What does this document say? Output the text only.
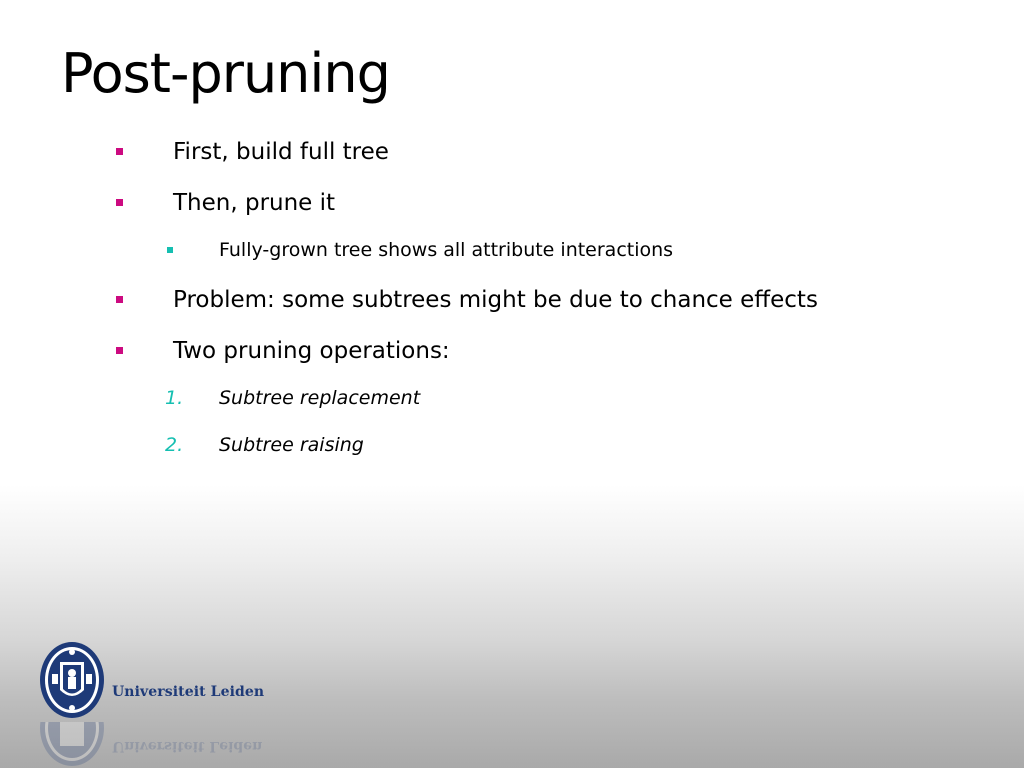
Post-pruning
First, build full tree
Then, prune it
Fully-grown tree shows all attribute interactions
Problem: some subtrees might be due to chance effects
Two pruning operations:
1. Subtree replacement
2. Subtree raising
Universiteit Leiden
Universiteit Leiden
